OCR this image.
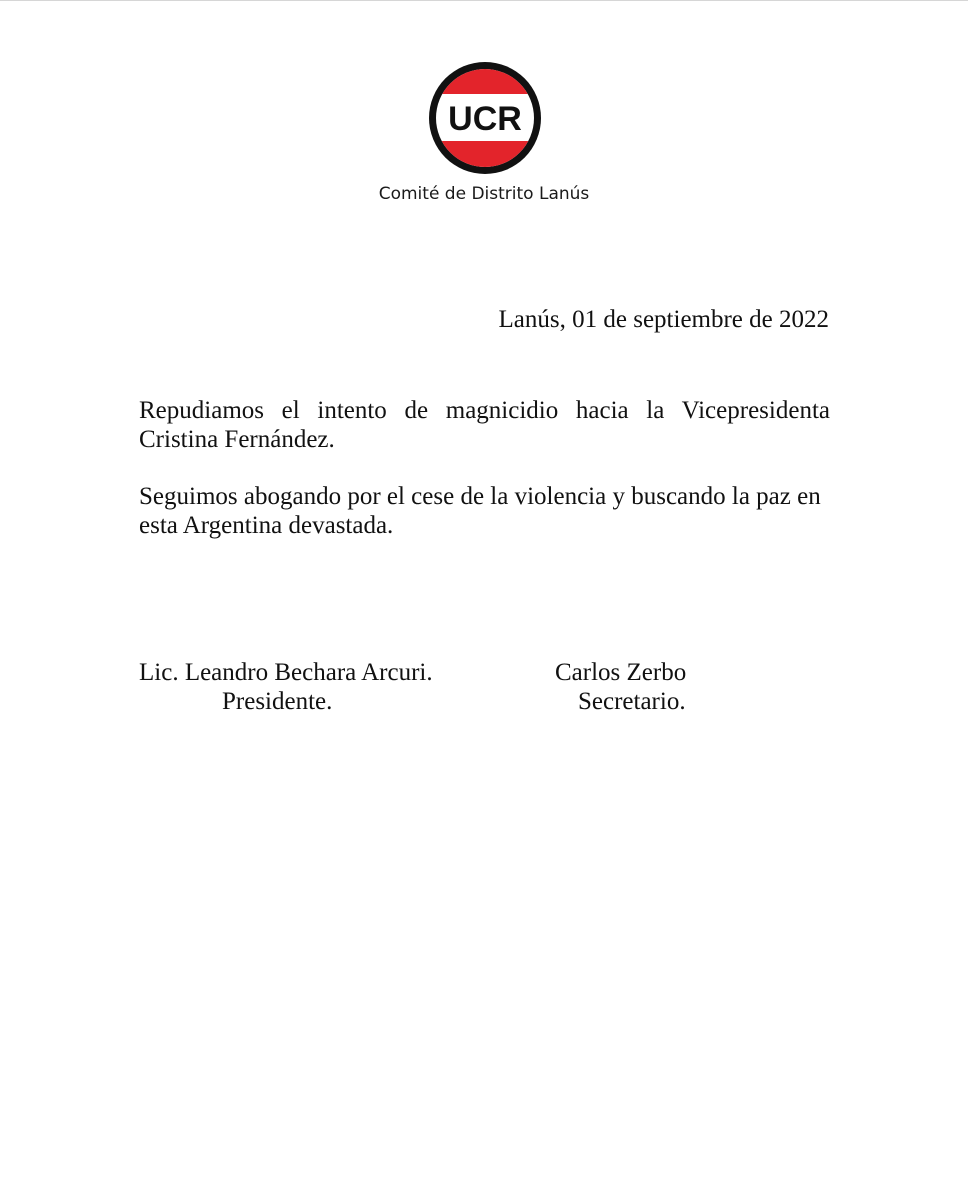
UCR
Comité de Distrito Lanús
Lanús, 01 de septiembre de 2022

Repudiamos el intento de magnicidio hacia la Vicepresidenta Cristina Fernández.

Seguimos abogando por el cese de la violencia y buscando la paz en esta Argentina devastada.

Lic. Leandro Bechara Arcuri.
Presidente.
Carlos Zerbo
Secretario.
